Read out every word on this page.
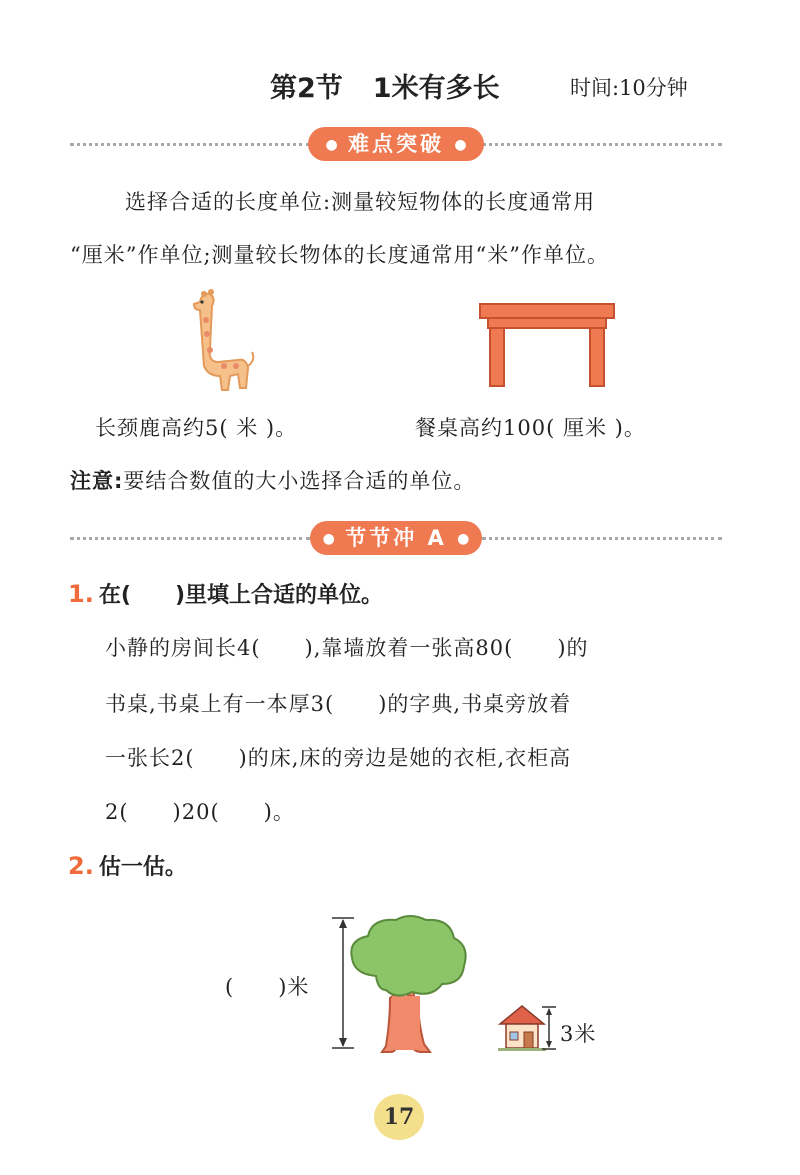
第2节 1米有多长	时间:10分钟
● 难点突破 ●
选择合适的长度单位:测量较短物体的长度通常用
“厘米”作单位;测量较长物体的长度通常用“米”作单位。
长颈鹿高约5( 米 )。	餐桌高约100( 厘米 )。
注意:要结合数值的大小选择合适的单位。
● 节节冲 A ●
1. 在(　　)里填上合适的单位。
小静的房间长4(　　),靠墙放着一张高80(　　)的
书桌,书桌上有一本厚3(　　)的字典,书桌旁放着
一张长2(　　)的床,床的旁边是她的衣柜,衣柜高
2(　　)20(　　)。
2. 估一估。
(　　)米
3米
17
